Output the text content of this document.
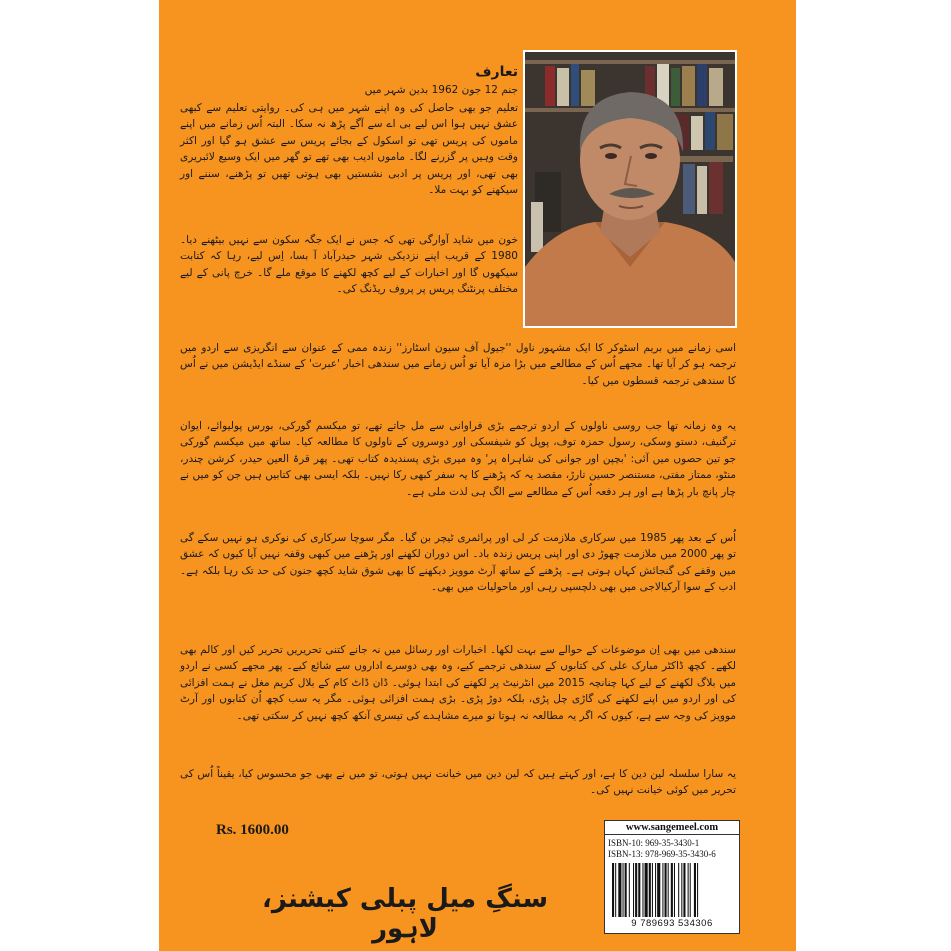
تعارف
جنم 12 جون 1962 بدین شہر میں
تعلیم جو بھی حاصل کی وہ اپنے شہر میں ہی کی۔ روایتی تعلیم سے کبھی عشق نہیں ہوا اس لیے بی اے سے آگے پڑھ نہ سکا۔ البتہ اُس زمانے میں اپنے ماموں کی پریس تھی تو اسکول کے بجائے پریس سے عشق ہو گیا اور اکثر وقت وہیں پر گزرنے لگا۔ ماموں ادیب بھی تھے تو گھر میں ایک وسیع لائبریری بھی تھی، اور پریس پر ادبی نشستیں بھی ہوتی تھیں تو پڑھنے، سننے اور سیکھنے کو بہت ملا۔
خون میں شاید آوارگی تھی کہ جس نے ایک جگہ سکون سے نہیں بیٹھنے دیا۔ 1980 کے قریب اپنے نزدیکی شہر حیدرآباد آ بسا، اِس لیے، رہا کہ کتابت سیکھوں گا اور اخبارات کے لیے کچھ لکھنے کا موقع ملے گا۔ خرچ پانی کے لیے مختلف پرنٹنگ پریس پر پروف ریڈنگ کی۔
اسی زمانے میں بریم اسٹوکر کا ایک مشہور ناول ''جیول آف سیون اسٹارز'' زندہ ممی کے عنوان سے انگریزی سے اردو میں ترجمہ ہو کر آیا تھا۔ مجھے اُس کے مطالعے میں بڑا مزہ آیا تو اُس زمانے میں سندھی اخبار 'عبرت' کے سنڈے ایڈیشن میں نے اُس کا سندھی ترجمہ قسطوں میں کیا۔
یہ وہ زمانہ تھا جب روسی ناولوں کے اردو ترجمے بڑی فراوانی سے مل جاتے تھے، تو میکسم گورکی، بورس پولیوائے، ایوان ترگنیف، دستو وسکی، رسول حمزہ توف، پوپل کو شیفسکی اور دوسروں کے ناولوں کا مطالعہ کیا۔ ساتھ میں میکسم گورکی جو تین حصوں میں آئی: 'بچپن اور جوانی کی شاہراہ پر' وہ میری بڑی پسندیدہ کتاب تھی۔ پھر قرۃ العین حیدر، کرشن چندر، منٹو، ممتاز مفتی، مستنصر حسین تارڑ، مقصد یہ کہ پڑھنے کا یہ سفر کبھی رکا نہیں۔ بلکہ ایسی بھی کتابیں ہیں جن کو میں نے چار پانچ بار پڑھا ہے اور ہر دفعہ اُس کے مطالعے سے الگ ہی لذت ملی ہے۔
اُس کے بعد پھر 1985 میں سرکاری ملازمت کر لی اور پرائمری ٹیچر بن گیا۔ مگر سوچا سرکاری کی نوکری ہو نہیں سکے گی تو پھر 2000 میں ملازمت چھوڑ دی اور اپنی پریس زندہ باد۔ اس دوران لکھنے اور پڑھنے میں کبھی وقفہ نہیں آیا کیوں کہ عشق میں وقفے کی گنجائش کہاں ہوتی ہے۔ پڑھنے کے ساتھ آرٹ موویز دیکھنے کا بھی شوق شاید کچھ جنون کی حد تک رہا بلکہ ہے۔ ادب کے سوا آرکیالاجی میں بھی دلچسپی رہی اور ماحولیات میں بھی۔
سندھی میں بھی اِن موضوعات کے حوالے سے بہت لکھا۔ اخبارات اور رسائل میں نہ جانے کتنی تحریریں تحریر کیں اور کالم بھی لکھے۔ کچھ ڈاکٹر مبارک علی کی کتابوں کے سندھی ترجمے کیے، وہ بھی دوسرے اداروں سے شائع کیے۔ پھر مجھے کسی نے اردو میں بلاگ لکھنے کے لیے کہا چنانچہ 2015 میں انٹرنیٹ پر لکھنے کی ابتدا ہوئی۔ ڈان ڈاٹ کام کے بلال کریم مغل نے ہمت افزائی کی اور اردو میں اپنے لکھنے کی گاڑی چل پڑی، بلکہ دوڑ پڑی۔ بڑی ہمت افزائی ہوئی۔ مگر یہ سب کچھ اُن کتابوں اور آرٹ موویز کی وجہ سے ہے، کیوں کہ اگر یہ مطالعہ نہ ہوتا تو میرے مشاہدے کی تیسری آنکھ کچھ نہیں کر سکتی تھی۔
یہ سارا سلسلہ لین دین کا ہے، اور کہتے ہیں کہ لین دین میں خیانت نہیں ہوتی، تو میں نے بھی جو محسوس کیا، یقیناً اُس کی تحریر میں کوئی خیانت نہیں کی۔
Rs. 1600.00
سنگِ میل پبلی کیشنز، لاہور
www.sangemeel.com
ISBN-10: 969-35-3430-1
ISBN-13: 978-969-35-3430-6
9 789693 534306
